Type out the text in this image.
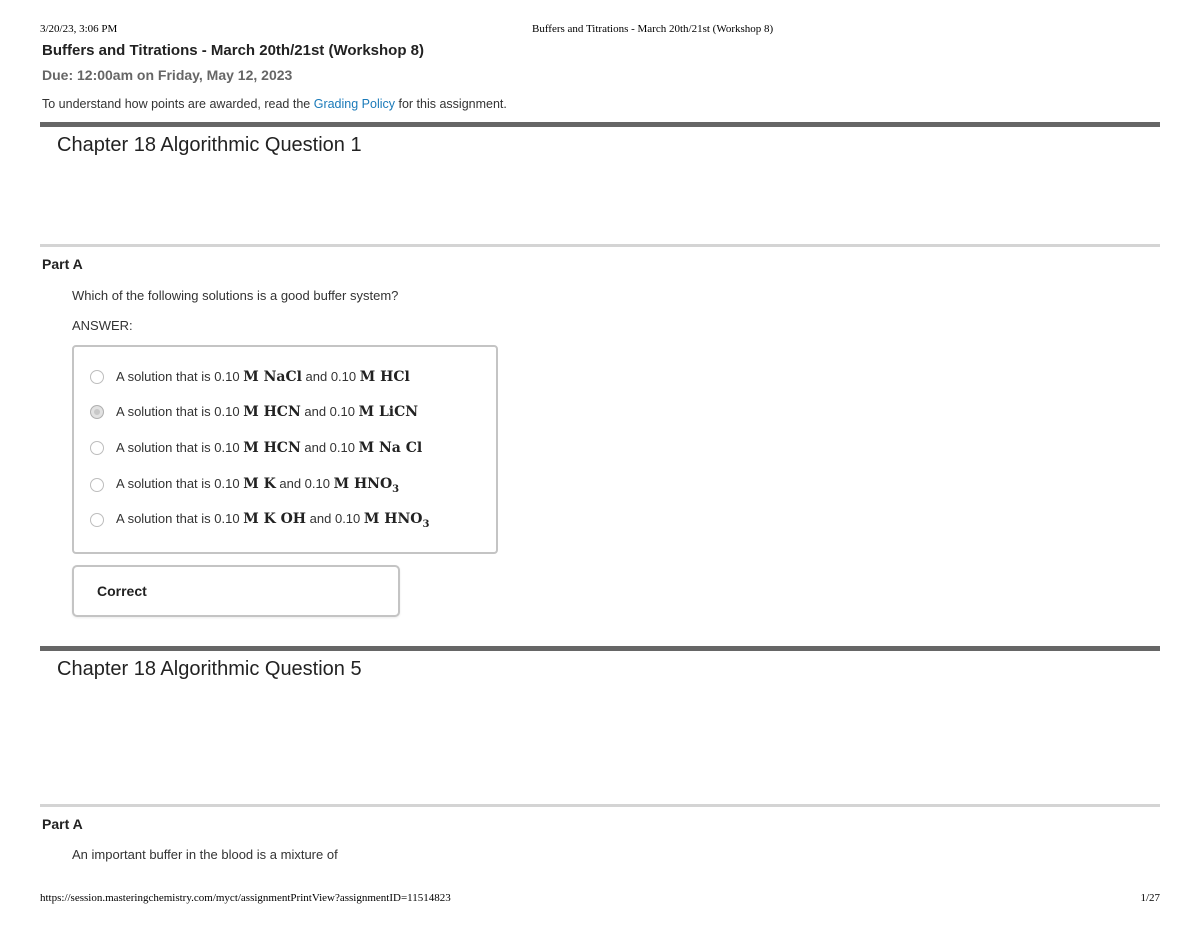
3/20/23, 3:06 PM	Buffers and Titrations - March 20th/21st (Workshop 8)
Buffers and Titrations - March 20th/21st (Workshop 8)
Due: 12:00am on Friday, May 12, 2023
To understand how points are awarded, read the Grading Policy for this assignment.
Chapter 18 Algorithmic Question 1
Part A
Which of the following solutions is a good buffer system?
ANSWER:
A solution that is 0.10 M NaCl and 0.10 M HCl
A solution that is 0.10 M HCN and 0.10 M LiCN
A solution that is 0.10 M HCN and 0.10 M Na Cl
A solution that is 0.10 M K and 0.10 M $HNO_3$
A solution that is 0.10 M K OH and 0.10 M $HNO_3$
Correct
Chapter 18 Algorithmic Question 5
Part A
An important buffer in the blood is a mixture of
https://session.masteringchemistry.com/myct/assignmentPrintView?assignmentID=11514823	1/27
